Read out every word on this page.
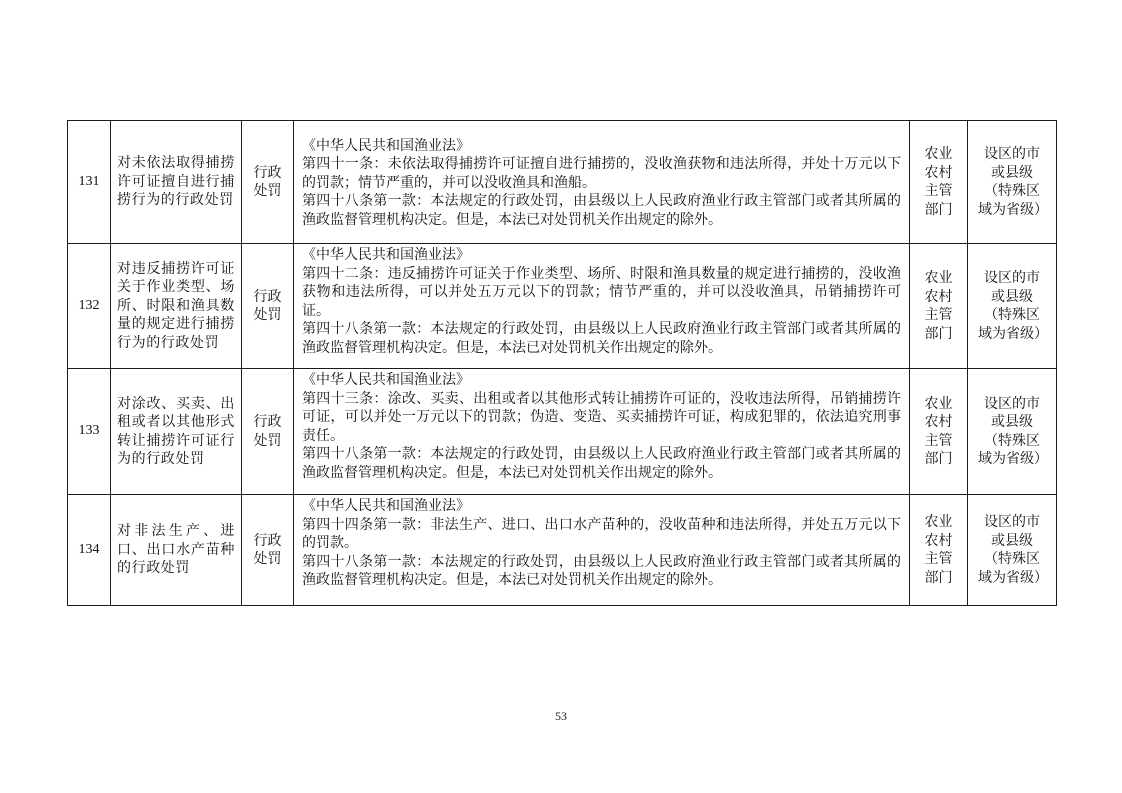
131	对未依法取得捕捞许可证擅自进行捕捞行为的行政处罚	行政处罚	《中华人民共和国渔业法》
第四十一条：未依法取得捕捞许可证擅自进行捕捞的，没收渔获物和违法所得，并处十万元以下的罚款；情节严重的，并可以没收渔具和渔船。
第四十八条第一款：本法规定的行政处罚，由县级以上人民政府渔业行政主管部门或者其所属的渔政监督管理机构决定。但是，本法已对处罚机关作出规定的除外。	农业农村主管部门	设区的市或县级（特殊区域为省级）
132	对违反捕捞许可证关于作业类型、场所、时限和渔具数量的规定进行捕捞行为的行政处罚	行政处罚	《中华人民共和国渔业法》
第四十二条：违反捕捞许可证关于作业类型、场所、时限和渔具数量的规定进行捕捞的，没收渔获物和违法所得，可以并处五万元以下的罚款；情节严重的，并可以没收渔具，吊销捕捞许可证。
第四十八条第一款：本法规定的行政处罚，由县级以上人民政府渔业行政主管部门或者其所属的渔政监督管理机构决定。但是，本法已对处罚机关作出规定的除外。	农业农村主管部门	设区的市或县级（特殊区域为省级）
133	对涂改、买卖、出租或者以其他形式转让捕捞许可证行为的行政处罚	行政处罚	《中华人民共和国渔业法》
第四十三条：涂改、买卖、出租或者以其他形式转让捕捞许可证的，没收违法所得，吊销捕捞许可证，可以并处一万元以下的罚款；伪造、变造、买卖捕捞许可证，构成犯罪的，依法追究刑事责任。
第四十八条第一款：本法规定的行政处罚，由县级以上人民政府渔业行政主管部门或者其所属的渔政监督管理机构决定。但是，本法已对处罚机关作出规定的除外。	农业农村主管部门	设区的市或县级（特殊区域为省级）
134	对非法生产、进口、出口水产苗种的行政处罚	行政处罚	《中华人民共和国渔业法》
第四十四条第一款：非法生产、进口、出口水产苗种的，没收苗种和违法所得，并处五万元以下的罚款。
第四十八条第一款：本法规定的行政处罚，由县级以上人民政府渔业行政主管部门或者其所属的渔政监督管理机构决定。但是，本法已对处罚机关作出规定的除外。	农业农村主管部门	设区的市或县级（特殊区域为省级）
53
